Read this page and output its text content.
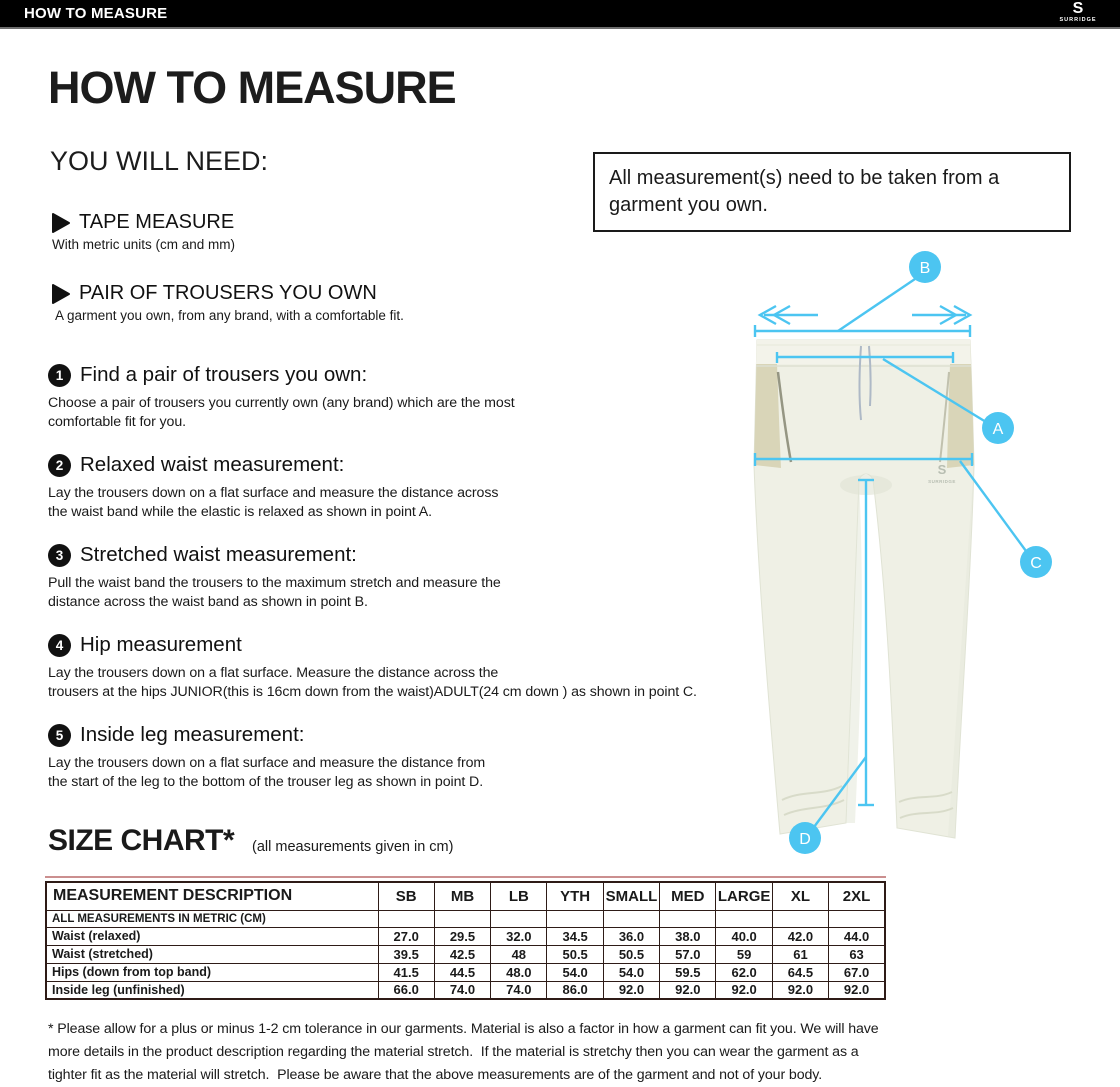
HOW TO MEASURE	S
SURRIDGE
HOW TO MEASURE
YOU WILL NEED:
TAPE MEASURE
With metric units (cm and mm)
PAIR OF TROUSERS YOU OWN
A garment you own, from any brand, with a comfortable fit.
1 Find a pair of trousers you own:
Choose a pair of trousers you currently own (any brand) which are the most
comfortable fit for you.
2 Relaxed waist measurement:
Lay the trousers down on a flat surface and measure the distance across
the waist band while the elastic is relaxed as shown in point A.
3 Stretched waist measurement:
Pull the waist band the trousers to the maximum stretch and measure the
distance across the waist band as shown in point B.
4 Hip measurement
Lay the trousers down on a flat surface. Measure the distance across the
trousers at the hips JUNIOR(this is 16cm down from the waist)ADULT(24 cm down ) as shown in point C.
5 Inside leg measurement:
Lay the trousers down on a flat surface and measure the distance from
the start of the leg to the bottom of the trouser leg as shown in point D.
All measurement(s) need to be taken from a
garment you own.
S
SURRIDGE
B
A
C
D
SIZE CHART* (all measurements given in cm)
MEASUREMENT DESCRIPTION	SB	MB	LB	YTH	SMALL	MED	LARGE	XL	2XL
ALL MEASUREMENTS IN METRIC (CM)									
Waist (relaxed)	27.0	29.5	32.0	34.5	36.0	38.0	40.0	42.0	44.0
Waist (stretched)	39.5	42.5	48	50.5	50.5	57.0	59	61	63
Hips (down from top band)	41.5	44.5	48.0	54.0	54.0	59.5	62.0	64.5	67.0
Inside leg (unfinished)	66.0	74.0	74.0	86.0	92.0	92.0	92.0	92.0	92.0
* Please allow for a plus or minus 1-2 cm tolerance in our garments. Material is also a factor in how a garment can fit you. We will have
more details in the product description regarding the material stretch.  If the material is stretchy then you can wear the garment as a
tighter fit as the material will stretch.  Please be aware that the above measurements are of the garment and not of your body.
